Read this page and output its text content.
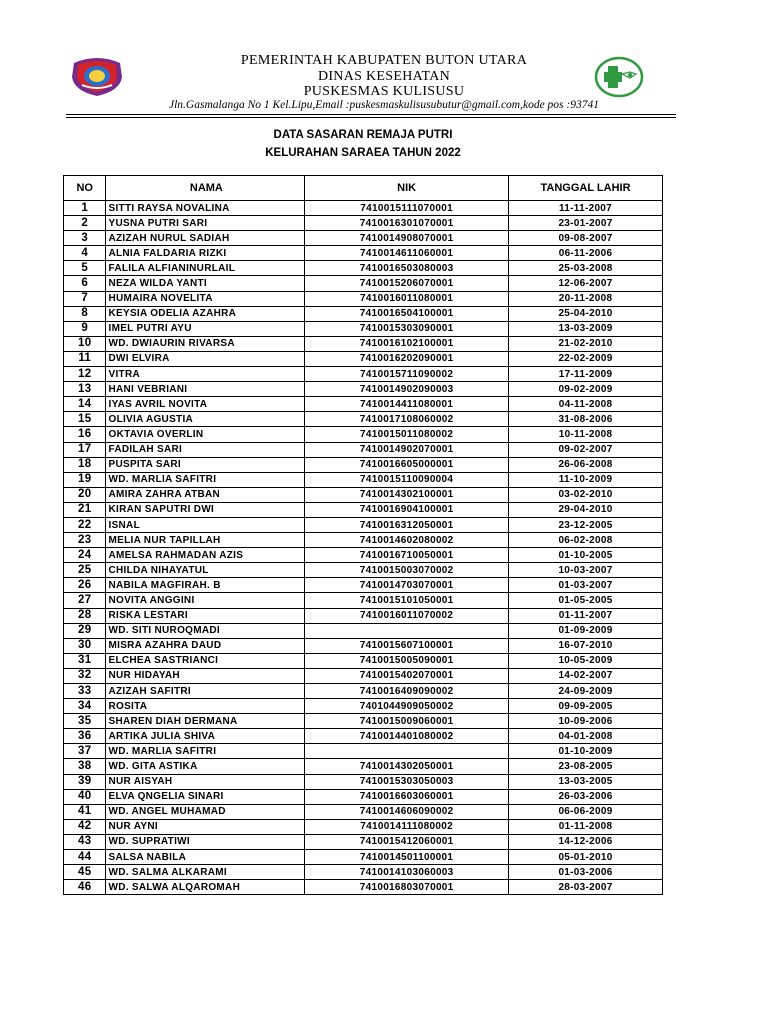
PEMERINTAH KABUPATEN BUTON UTARA
DINAS KESEHATAN
PUSKESMAS KULISUSU
Jln.Gasmalanga No 1 Kel.Lipu,Email :puskesmaskulisusubutur@gmail.com,kode pos :93741
DATA SASARAN REMAJA PUTRI
KELURAHAN SARAEA TAHUN 2022
NO	NAMA	NIK	TANGGAL LAHIR
1	SITTI RAYSA NOVALINA	7410015111070001	11-11-2007
2	YUSNA PUTRI SARI	7410016301070001	23-01-2007
3	AZIZAH NURUL SADIAH	7410014908070001	09-08-2007
4	ALNIA FALDARIA RIZKI	7410014611060001	06-11-2006
5	FALILA ALFIANINURLAIL	7410016503080003	25-03-2008
6	NEZA WILDA YANTI	7410015206070001	12-06-2007
7	HUMAIRA NOVELITA	7410016011080001	20-11-2008
8	KEYSIA ODELIA AZAHRA	7410016504100001	25-04-2010
9	IMEL PUTRI AYU	7410015303090001	13-03-2009
10	WD. DWIAURIN RIVARSA	7410016102100001	21-02-2010
11	DWI ELVIRA	7410016202090001	22-02-2009
12	VITRA	7410015711090002	17-11-2009
13	HANI VEBRIANI	7410014902090003	09-02-2009
14	IYAS AVRIL NOVITA	7410014411080001	04-11-2008
15	OLIVIA AGUSTIA	7410017108060002	31-08-2006
16	OKTAVIA OVERLIN	7410015011080002	10-11-2008
17	FADILAH SARI	7410014902070001	09-02-2007
18	PUSPITA SARI	7410016605000001	26-06-2008
19	WD. MARLIA SAFITRI	7410015110090004	11-10-2009
20	AMIRA ZAHRA ATBAN	7410014302100001	03-02-2010
21	KIRAN SAPUTRI DWI	7410016904100001	29-04-2010
22	ISNAL	7410016312050001	23-12-2005
23	MELIA NUR TAPILLAH	7410014602080002	06-02-2008
24	AMELSA RAHMADAN AZIS	7410016710050001	01-10-2005
25	CHILDA NIHAYATUL	7410015003070002	10-03-2007
26	NABILA MAGFIRAH. B	7410014703070001	01-03-2007
27	NOVITA ANGGINI	7410015101050001	01-05-2005
28	RISKA LESTARI	7410016011070002	01-11-2007
29	WD. SITI NUROQMADI		01-09-2009
30	MISRA AZAHRA DAUD	7410015607100001	16-07-2010
31	ELCHEA SASTRIANCI	7410015005090001	10-05-2009
32	NUR HIDAYAH	7410015402070001	14-02-2007
33	AZIZAH SAFITRI	7410016409090002	24-09-2009
34	ROSITA	7401044909050002	09-09-2005
35	SHAREN DIAH DERMANA	7410015009060001	10-09-2006
36	ARTIKA JULIA SHIVA	7410014401080002	04-01-2008
37	WD. MARLIA SAFITRI		01-10-2009
38	WD. GITA ASTIKA	7410014302050001	23-08-2005
39	NUR AISYAH	7410015303050003	13-03-2005
40	ELVA QNGELIA SINARI	7410016603060001	26-03-2006
41	WD. ANGEL MUHAMAD	7410014606090002	06-06-2009
42	NUR AYNI	7410014111080002	01-11-2008
43	WD. SUPRATIWI	7410015412060001	14-12-2006
44	SALSA NABILA	7410014501100001	05-01-2010
45	WD. SALMA ALKARAMI	7410014103060003	01-03-2006
46	WD. SALWA ALQAROMAH	7410016803070001	28-03-2007
